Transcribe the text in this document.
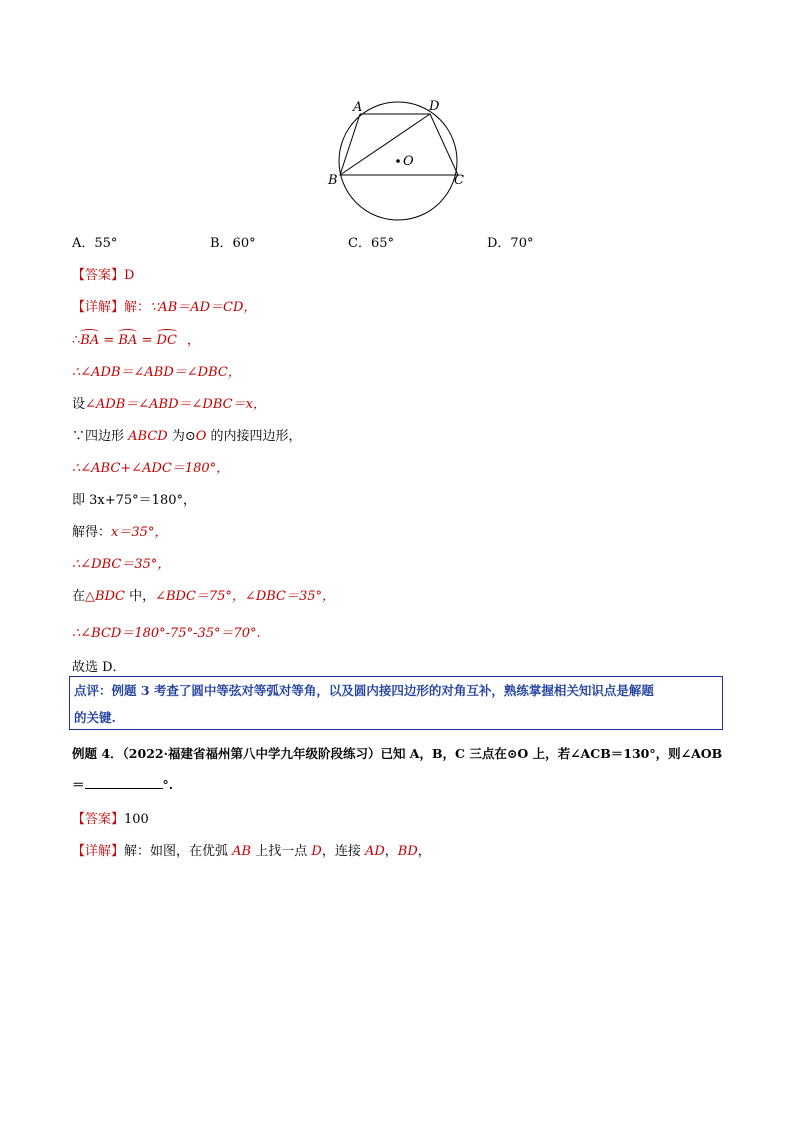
A	D
B	C
O
A．55°	B．60°	C．65°	D．70°
【答案】D
【详解】解：∵AB＝AD＝CD，
∴
BA =
BA =
DC ，
∴∠ADB＝∠ABD＝∠DBC，
设∠ADB＝∠ABD＝∠DBC＝x，
∵四边形 ABCD 为⊙O 的内接四边形，
∴∠ABC+∠ADC＝180°，
即 3x+75°＝180°，
解得：x＝35°，
∴∠DBC＝35°，
在△BDC 中，∠BDC＝75°，∠DBC＝35°，
∴∠BCD＝180°-75°-35°＝70°.
故选 D．
点评：例题 3 考查了圆中等弦对等弧对等角，以及圆内接四边形的对角互补，熟练掌握相关知识点是解题
的关键.
例题 4．（2022·福建省福州第八中学九年级阶段练习）已知 A，B，C 三点在⊙O 上，若∠ACB＝130°，则∠AOB
＝	°.
【答案】100
【详解】解：如图，在优弧 AB 上找一点 D，连接 AD，BD，
